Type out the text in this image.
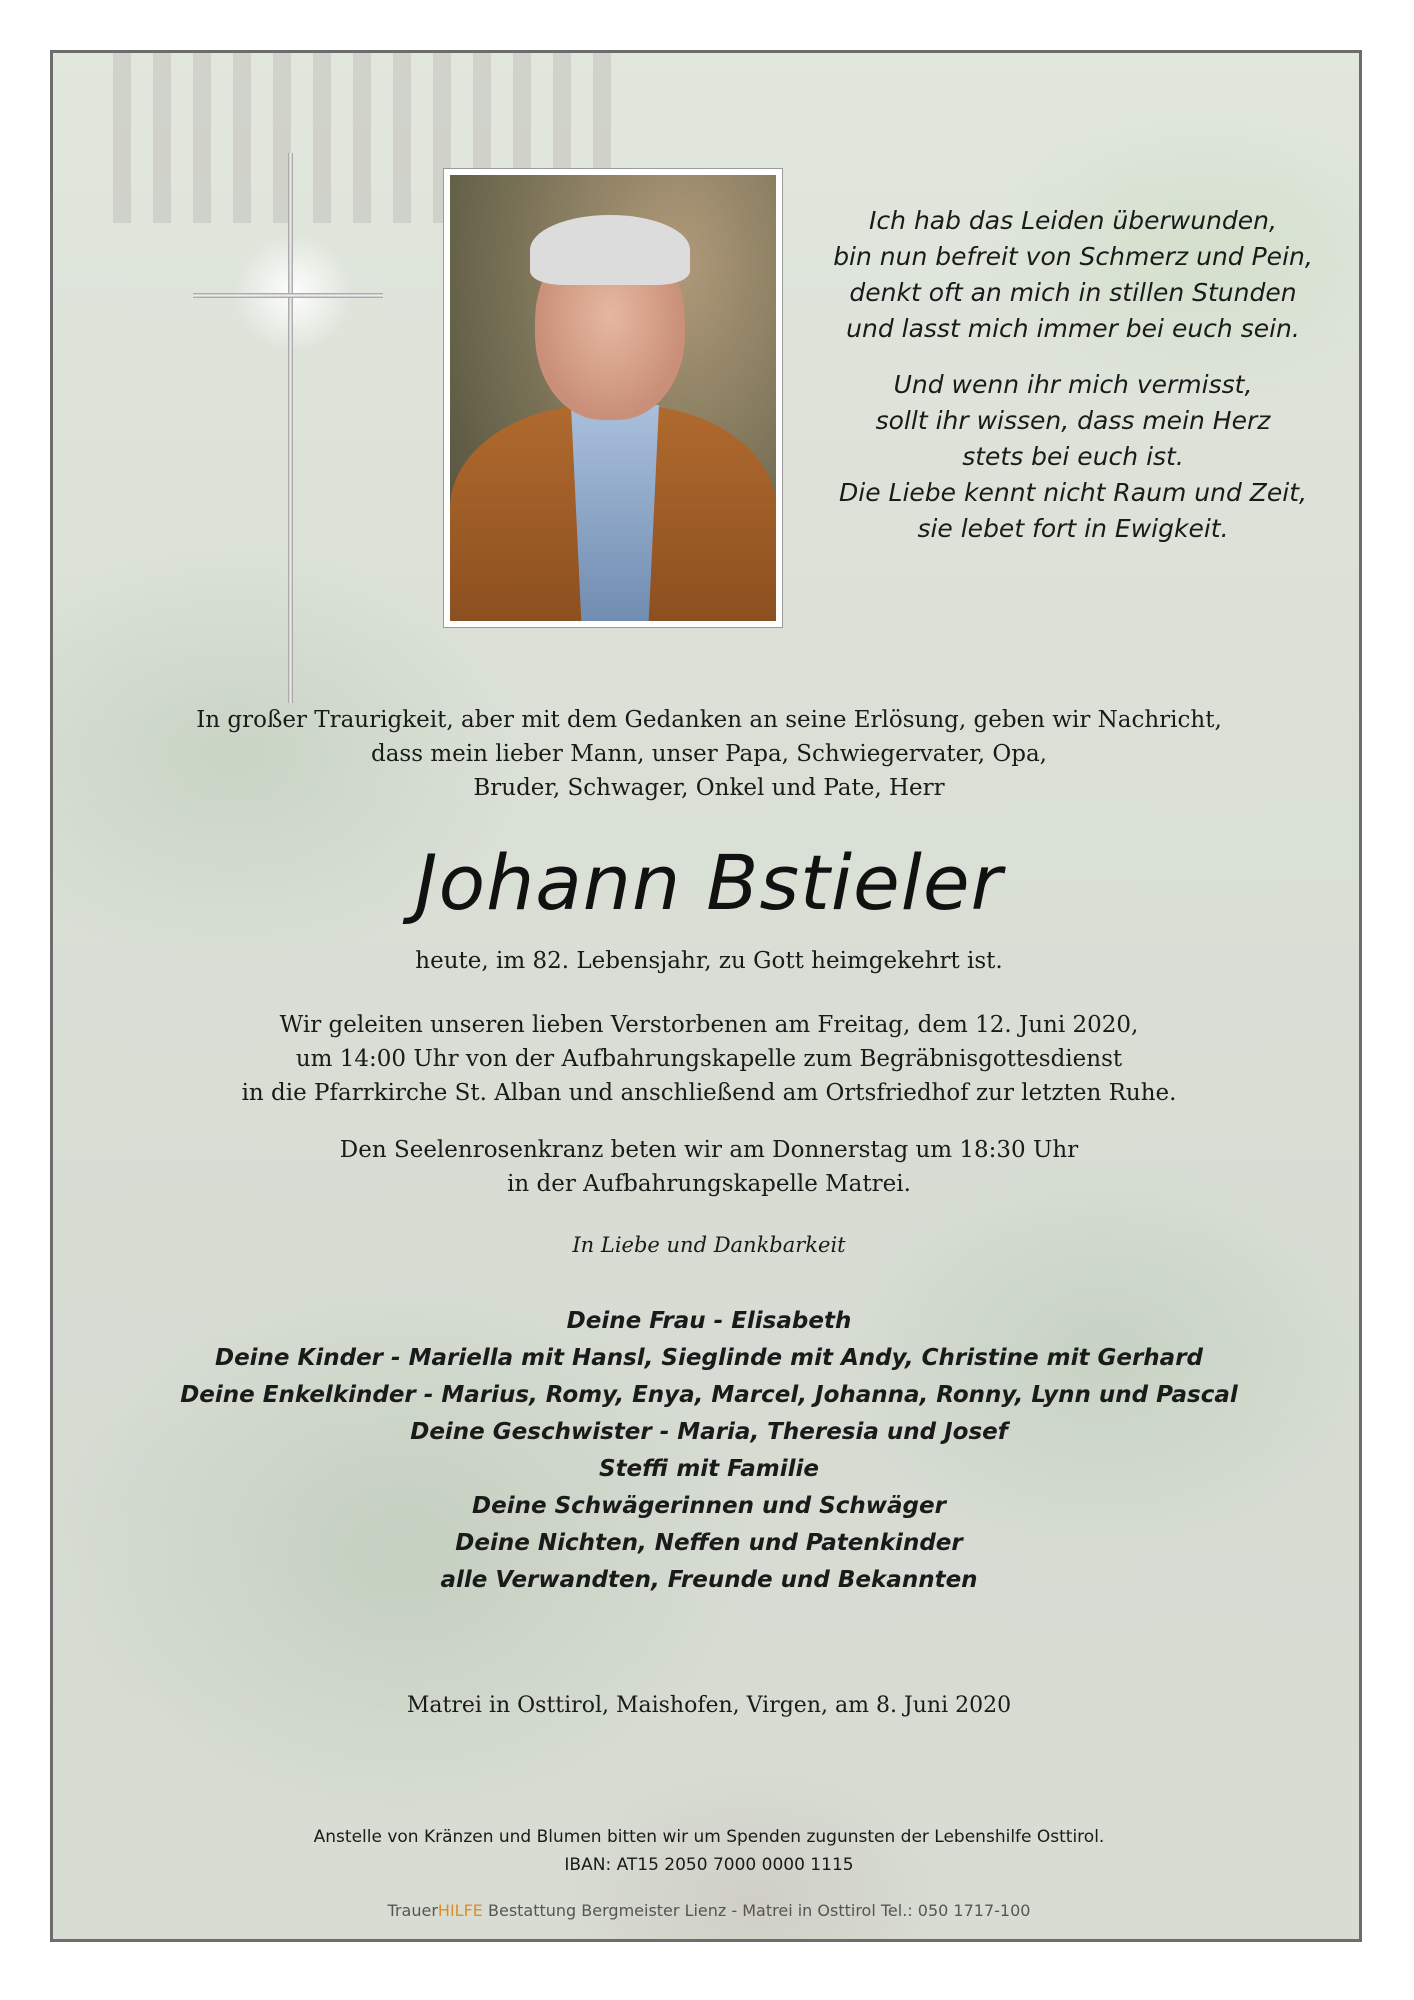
Ich hab das Leiden überwunden,
bin nun befreit von Schmerz und Pein,
denkt oft an mich in stillen Stunden
und lasst mich immer bei euch sein.
Und wenn ihr mich vermisst,
sollt ihr wissen, dass mein Herz
stets bei euch ist.
Die Liebe kennt nicht Raum und Zeit,
sie lebet fort in Ewigkeit.
In großer Traurigkeit, aber mit dem Gedanken an seine Erlösung, geben wir Nachricht,
dass mein lieber Mann, unser Papa, Schwiegervater, Opa,
Bruder, Schwager, Onkel und Pate, Herr
Johann Bstieler
heute, im 82. Lebensjahr, zu Gott heimgekehrt ist.
Wir geleiten unseren lieben Verstorbenen am Freitag, dem 12. Juni 2020,
um 14:00 Uhr von der Aufbahrungskapelle zum Begräbnisgottesdienst
in die Pfarrkirche St. Alban und anschließend am Ortsfriedhof zur letzten Ruhe.
Den Seelenrosenkranz beten wir am Donnerstag um 18:30 Uhr
in der Aufbahrungskapelle Matrei.
In Liebe und Dankbarkeit
Deine Frau - Elisabeth
Deine Kinder - Mariella mit Hansl, Sieglinde mit Andy, Christine mit Gerhard
Deine Enkelkinder - Marius, Romy, Enya, Marcel, Johanna, Ronny, Lynn und Pascal
Deine Geschwister - Maria, Theresia und Josef
Steffi mit Familie
Deine Schwägerinnen und Schwäger
Deine Nichten, Neffen und Patenkinder
alle Verwandten, Freunde und Bekannten
Matrei in Osttirol, Maishofen, Virgen, am 8. Juni 2020
Anstelle von Kränzen und Blumen bitten wir um Spenden zugunsten der Lebenshilfe Osttirol.
IBAN: AT15 2050 7000 0000 1115
TrauerHILFE Bestattung Bergmeister Lienz - Matrei in Osttirol Tel.: 050 1717-100
